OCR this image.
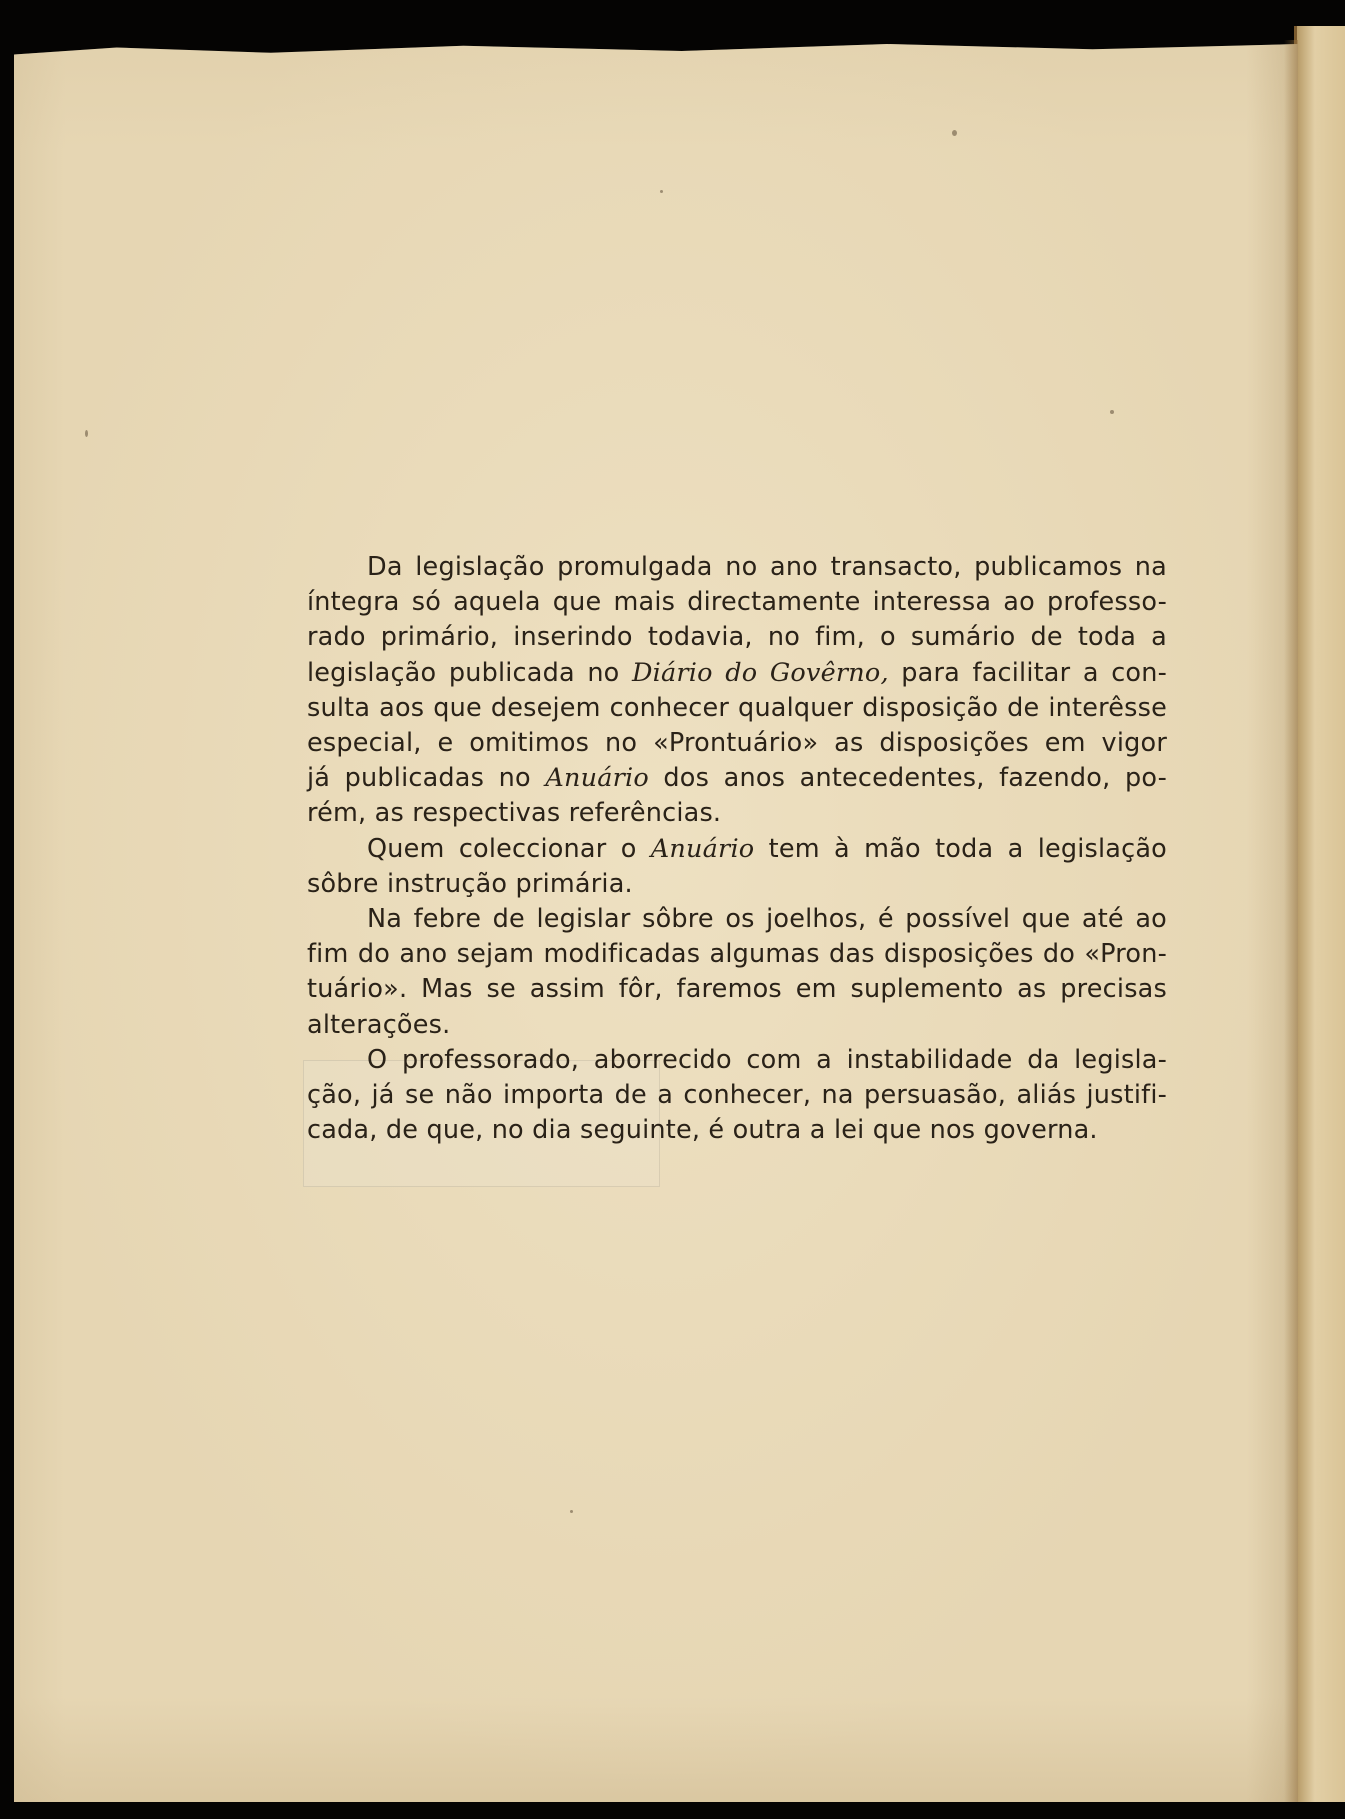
Da legislação promulgada no ano transacto, publicamos na
íntegra só aquela que mais directamente interessa ao professo-
rado primário, inserindo todavia, no fim, o sumário de toda a
legislação publicada no Diário do Govêrno, para facilitar a con-
sulta aos que desejem conhecer qualquer disposição de interêsse
especial, e omitimos no «Prontuário» as disposições em vigor
já publicadas no Anuário dos anos antecedentes, fazendo, po-
rém, as respectivas referências.

Quem coleccionar o Anuário tem à mão toda a legislação
sôbre instrução primária.

Na febre de legislar sôbre os joelhos, é possível que até ao
fim do ano sejam modificadas algumas das disposições do «Pron-
tuário». Mas se assim fôr, faremos em suplemento as precisas
alterações.

O professorado, aborrecido com a instabilidade da legisla-
ção, já se não importa de a conhecer, na persuasão, aliás justifi-
cada, de que, no dia seguinte, é outra a lei que nos governa.
